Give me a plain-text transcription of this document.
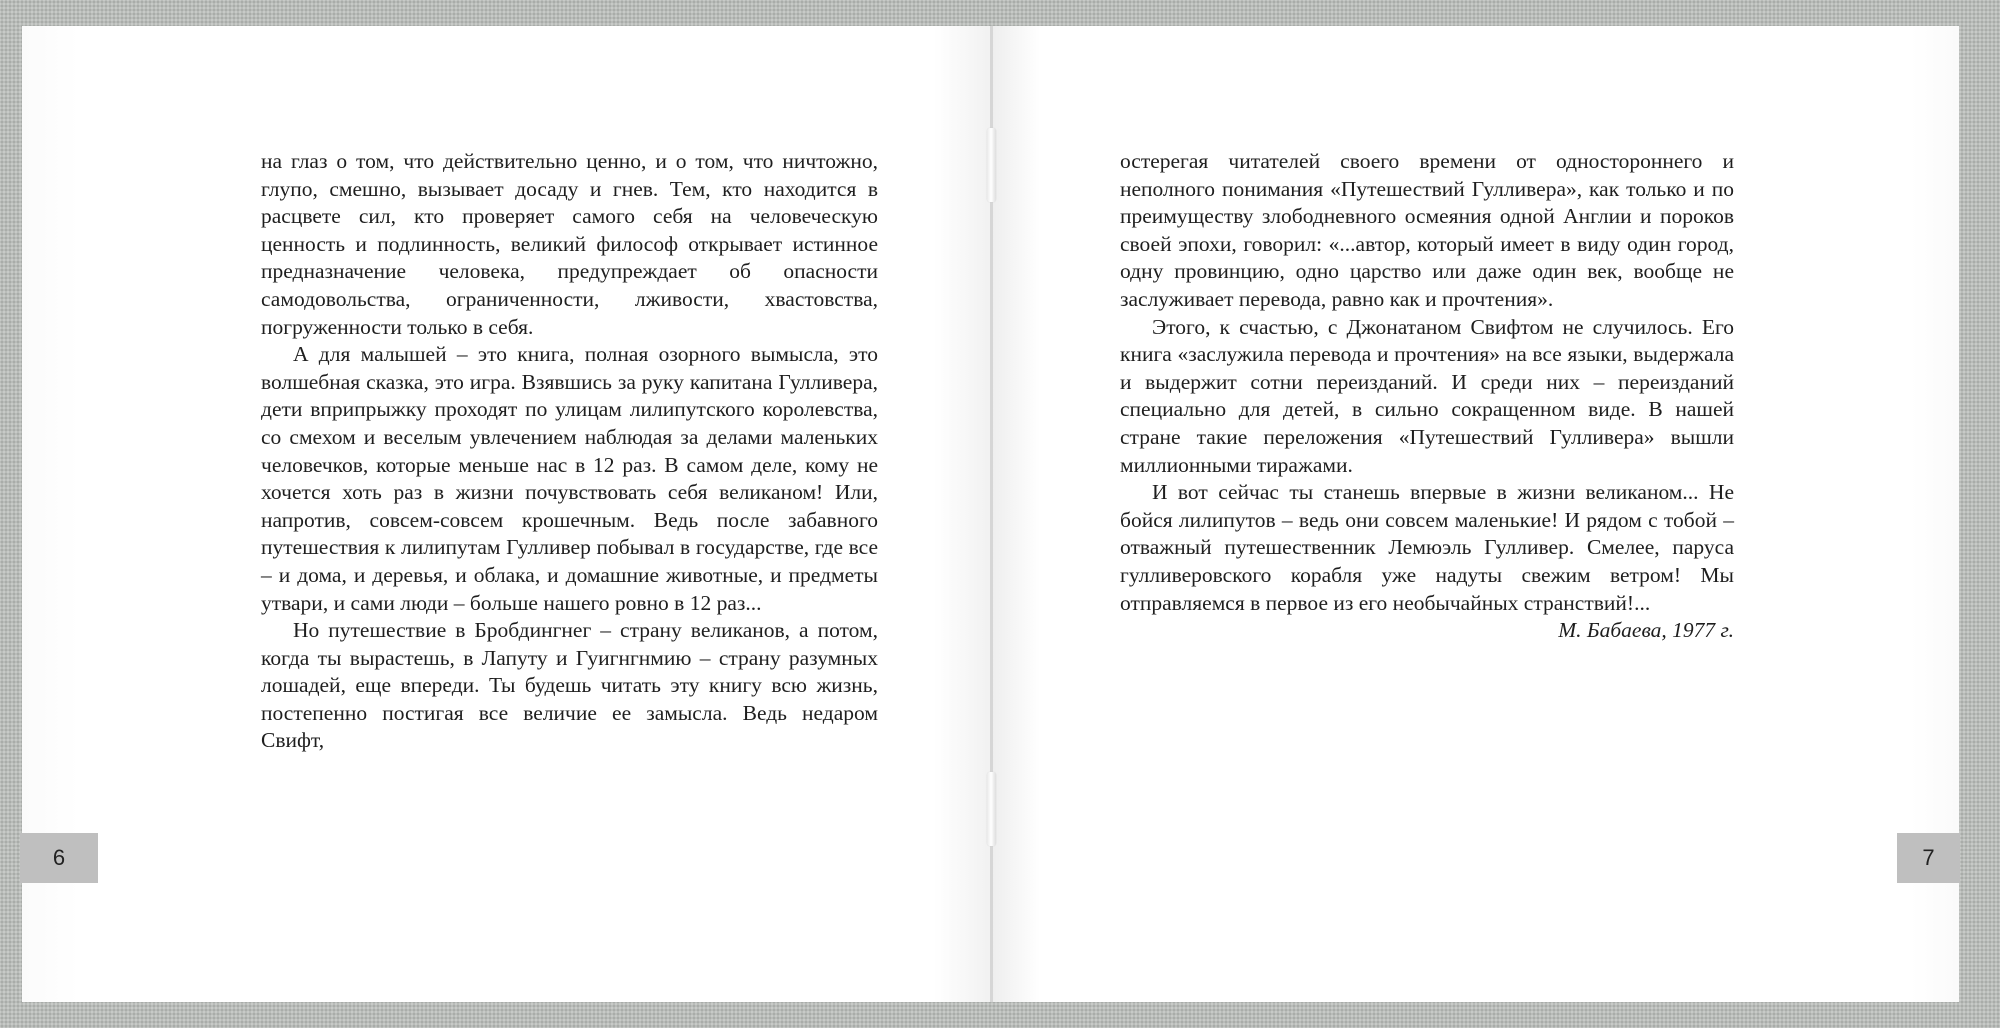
на глаз о том, что действительно ценно, и о том, что ничтожно, глупо, смешно, вызывает досаду и гнев. Тем, кто находится в расцвете сил, кто проверяет самого себя на человеческую ценность и подлинность, великий философ открывает истинное предназначение человека, предупреждает об опасности самодовольства, ограниченности, лживости, хвастовства, погруженности только в себя.

А для малышей – это книга, полная озорного вымысла, это волшебная сказка, это игра. Взявшись за руку капитана Гулливера, дети вприпрыжку проходят по улицам лилипутского королевства, со смехом и веселым увлечением наблюдая за делами маленьких человечков, которые меньше нас в 12 раз. В самом деле, кому не хочется хоть раз в жизни почувствовать себя великаном! Или, напротив, совсем-совсем крошечным. Ведь после забавного путешествия к лилипутам Гулливер побывал в государстве, где все – и дома, и деревья, и облака, и домашние животные, и предметы утвари, и сами люди – больше нашего ровно в 12 раз...

Но путешествие в Бробдингнег – страну великанов, а потом, когда ты вырастешь, в Лапуту и Гуигнгнмию – страну разумных лошадей, еще впереди. Ты будешь читать эту книгу всю жизнь, постепенно постигая все величие ее замысла. Ведь недаром Свифт,

остерегая читателей своего времени от одностороннего и неполного понимания «Путешествий Гулливера», как только и по преимуществу злободневного осмеяния одной Англии и пороков своей эпохи, говорил: «...автор, который имеет в виду один город, одну провинцию, одно царство или даже один век, вообще не заслуживает перевода, равно как и прочтения».

Этого, к счастью, с Джонатаном Свифтом не случилось. Его книга «заслужила перевода и прочтения» на все языки, выдержала и выдержит сотни переизданий. И среди них – переизданий специально для детей, в сильно сокращенном виде. В нашей стране такие переложения «Путешествий Гулливера» вышли миллионными тиражами.

И вот сейчас ты станешь впервые в жизни великаном... Не бойся лилипутов – ведь они совсем маленькие! И рядом с тобой – отважный путешественник Лемюэль Гулливер. Смелее, паруса гулливеровского корабля уже надуты свежим ветром! Мы отправляемся в первое из его необычайных странствий!...

М. Бабаева, 1977 г.

6	7
